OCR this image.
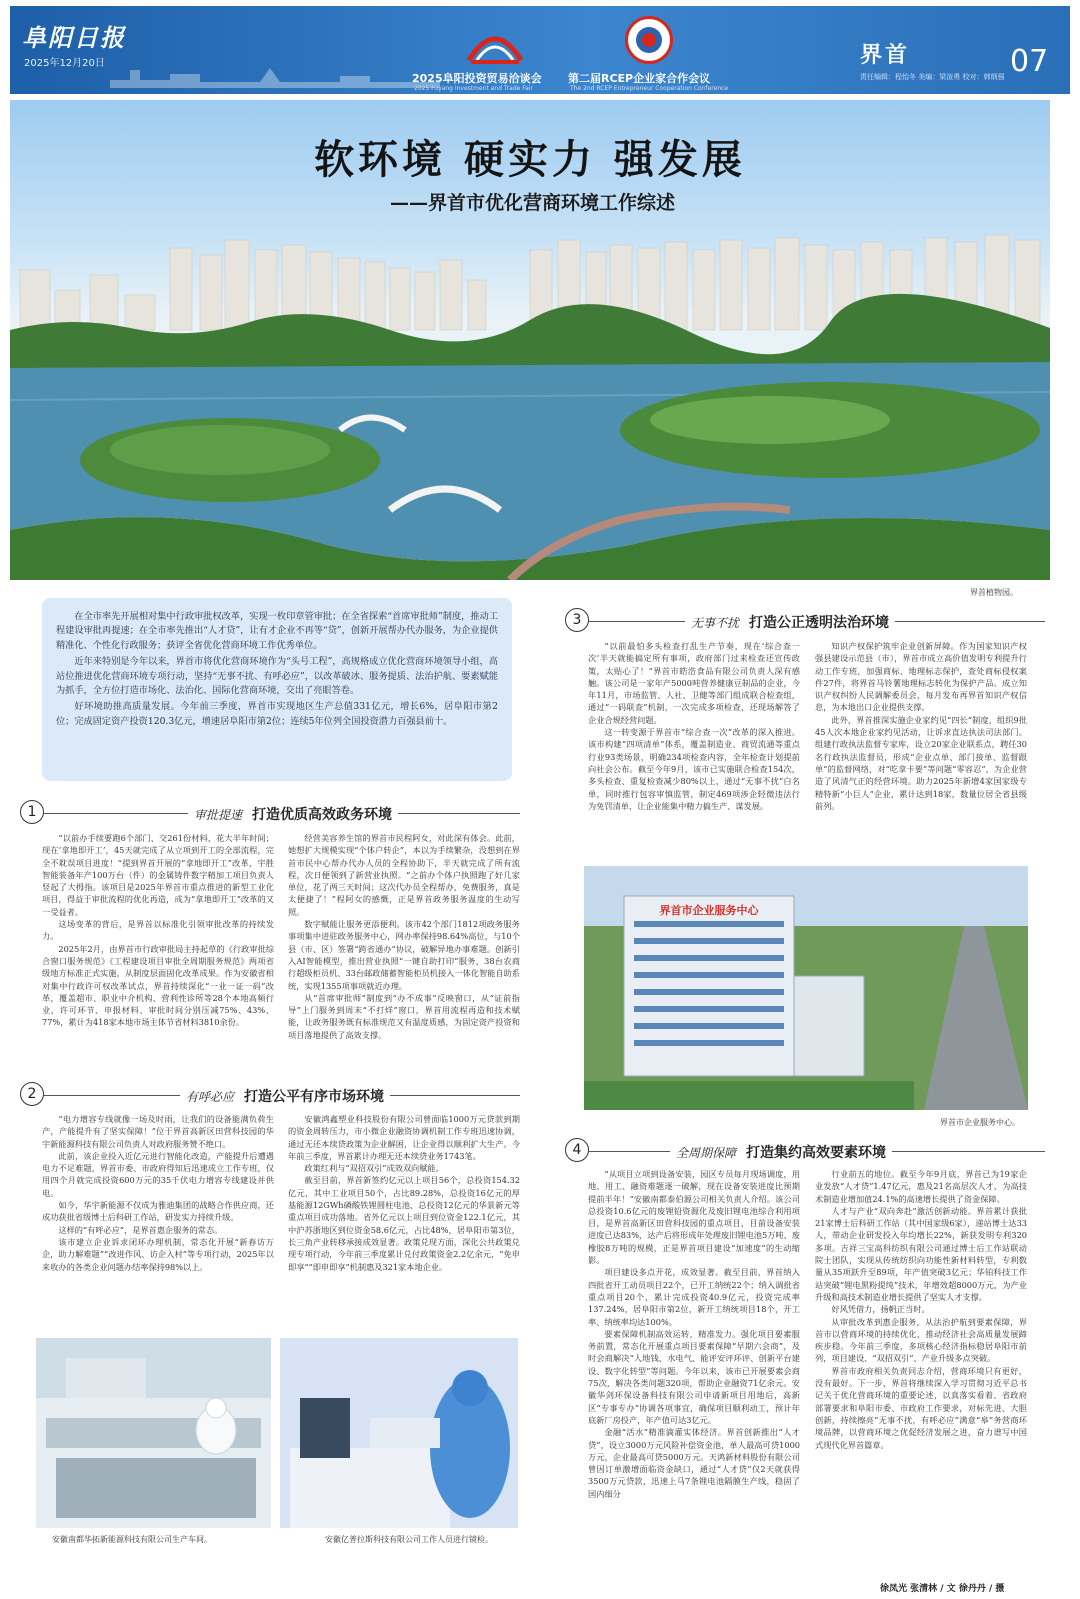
阜阳日报
2025年12月20日
2025阜阳投资贸易洽谈会
2025 Fuyang Investment and Trade Fair
第二届RCEP企业家合作会议
The 2nd RCEP Entrepreneur Cooperation Conference
界首
责任编辑：程怡冬 美编：梁渲勇 校对：韩纲强 07
软环境 硬实力 强发展
——界首市优化营商环境工作综述
界首植物园。

在全市率先开展相对集中行政审批权改革，实现一枚印章管审批；在全省探索“首席审批师”制度，推动工程建设审批再提速；在全市率先推出“人才贷”，让有才企业不再等“贷”，创新开展帮办代办服务，为企业提供精准化、个性化行政服务；获评全省优化营商环境工作优秀单位。

近年来特别是今年以来，界首市将优化营商环境作为“头号工程”，高规格成立优化营商环境领导小组，高站位推进优化营商环境专项行动，坚持“无事不扰、有呼必应”，以改革破冰、服务提质、法治护航、要素赋能为抓手，全方位打造市场化、法治化、国际化营商环境，交出了亮眼答卷。

好环境助推高质量发展。今年前三季度，界首市实现地区生产总值331亿元，增长6%，居阜阳市第2位；完成固定资产投资120.3亿元，增速居阜阳市第2位；连续5年位列全国投资潜力百强县前十。

1	审批提速 打造优质高效政务环境

“以前办手续要跑6个部门、交261份材料，花大半年时间；现在‘拿地即开工’，45天就完成了从立项到开工的全部流程，完全不耽误项目进度！”提到界首开展的“拿地即开工”改革，宇胜智能装备年产100万台（件）的金属铸件数字精加工项目负责人竖起了大拇指。该项目是2025年界首市重点推进的新型工业化项目，得益于审批流程的优化再造，成为“拿地即开工”改革的又一受益者。

这场变革的背后，是界首以标准化引领审批改革的持续发力。

2025年2月，由界首市行政审批局主持起草的《行政审批综合窗口服务规范》《工程建设项目审批全周期服务规范》两项省级地方标准正式实施，从制度层面固化改革成果。作为安徽省相对集中行政许可权改革试点，界首持续深化“一业一证一码”改革，覆盖超市、职业中介机构、营利性诊所等28个本地高频行业，许可环节、申报材料、审批时间分别压减75%、43%、77%，累计为418家本地市场主体节省材料3810余份。

经营美容养生馆的界首市民程阿女，对此深有体会。此前，她想扩大规模实现“个体户转企”，本以为手续繁杂，没想到在界首市民中心帮办代办人员的全程协助下，半天就完成了所有流程，次日便领到了新营业执照。“之前办个体户执照跑了好几家单位，花了两三天时间；这次代办员全程帮办，免费服务，真是太便捷了！”程阿女的感慨，正是界首政务服务温度的生动写照。

数字赋能让服务更添便利。该市42个部门1812项政务服务事项集中进驻政务服务中心，网办率保持98.64%高位，与10个县（市、区）签署“跨省通办”协议，破解异地办事难题。创新引入AI智能模型，推出营业执照“一键自助打印”服务，38台农商行超级柜员机、33台邮政储蓄智能柜员机接入一体化智能自助系统，实现1355项事项就近办理。

从“首席审批师”制度到“办不成事”反映窗口，从“证前指导”上门服务到周末“不打烊”窗口，界首用流程再造和技术赋能，让政务服务既有标准规范又有温度质感，为固定资产投资和项目落地提供了高效支撑。

2	有呼必应 打造公平有序市场环境

“电力增容专线就像一场及时雨，让我们的设备能满负荷生产，产能提升有了坚实保障！”位于界首高新区田营科技园的华宇新能源科技有限公司负责人对政府服务赞不绝口。

此前，该企业投入近亿元进行智能化改造，产能提升后遭遇电力不足难题，界首市委、市政府得知后迅速成立工作专班，仅用四个月就完成投资600万元的35千伏电力增容专线建设并供电。

如今，华宇新能源不仅成为雅迪集团的战略合作供应商，还成功获批省级博士后科研工作站，研发实力持续升级。

这样的“有呼必应”，是界首惠企服务的常态。

该市建立企业诉求闭环办理机制，常态化开展“新春访万企，助力解难题”“改进作风、访企入村”等专项行动，2025年以来收办的各类企业问题办结率保持98%以上。

安徽鸿鑫塑业科技股份有限公司曾面临1000万元贷款到期的资金周转压力，市小微企业融资协调机制工作专班迅速协调，通过无还本续贷政策为企业解困，让企业得以顺利扩大生产。今年前三季度，界首累计办理无还本续贷业务1743笔。

政策红利与“双招双引”成效双向赋能。

截至目前，界首新签约亿元以上项目56个，总投资154.32亿元，其中工业项目50个，占比89.28%，总投资16亿元的厚基能源12GWh磷酸铁锂圆柱电池、总投资12亿元的华景新元等重点项目成功落地。省外亿元以上项目到位资金122.1亿元，其中沪苏浙地区到位资金58.6亿元，占比48%，居阜阳市第3位，长三角产业转移承接成效显著。政策兑现方面，深化公共政策兑现专项行动，今年前三季度累计兑付政策资金2.2亿余元，“免申即享”“即申即享”机制惠及321家本地企业。

安徽南都华拓新能源科技有限公司生产车间。	安徽亿普拉斯科技有限公司工作人员进行镜检。
3	无事不扰 打造公正透明法治环境

“以前最怕多头检查打乱生产节奏，现在‘综合查一次’半天就能搞定所有事项，政府部门过来检查还宣传政策，太贴心了！”界首市皓浩食品有限公司负责人深有感触。该公司是一家年产5000吨营养健康豆制品的企业，今年11月，市场监管、人社、卫健等部门组成联合检查组，通过“一码联查”机制，一次完成多项检查，还现场解答了企业合规经营问题。

这一转变源于界首市“综合查一次”改革的深入推进。该市构建“四项清单”体系，覆盖制造业、商贸流通等重点行业93类场景，明确234项检查内容，全年检查计划提前向社会公布。截至今年9月，该市已实施联合检查154次，多头检查、重复检查减少80%以上，通过“无事不扰”白名单，同时推行包容审慎监管，制定469项涉企轻微违法行为免罚清单，让企业能集中精力搞生产、谋发展。

知识产权保护筑牢企业创新屏障。作为国家知识产权强县建设示范县（市），界首市成立高价值发明专利提升行动工作专班，加强商标、地理标志保护，查处商标侵权案件27件，将界首马铃薯地理标志转化为保护产品。成立知识产权纠纷人民调解委员会，每月发布再界首知识产权信息，为本地出口企业提供支撑。

此外，界首推深实施企业家约见“四长”制度，组织9批45人次本地企业家约见活动，让诉求直达执法司法部门。组建行政执法监督专家库，设立20家企业联系点，聘任30名行政执法监督员，形成“企业点单、部门接单、监督跟单”的监督网络，对“吃拿卡要”等问题“零容忍”，为企业营造了风清气正的经营环境。助力2025年新增4家国家级专精特新“小巨人”企业，累计达到18家，数量位居全省县级前列。

界首市企业服务中心
界首市企业服务中心。
4	全周期保障 打造集约高效要素环境

“从项目立项到设备安装，园区专员每月现场调度，用地、用工、融资难题逐一破解，现在设备安装进度比预期提前半年！”安徽南都泰伯源公司相关负责人介绍。该公司总投资10.6亿元的废锂铅资源化及废旧锂电池综合利用项目，是界首高新区田营科技园的重点项目，目前设备安装进度已达83%，达产后将形成年处理废旧锂电池5万吨、废橡胶8万吨的规模，正是界首项目建设“加速度”的生动缩影。

项目建设多点开花，成效显著。截至目前，界首纳入四批省开工动员项目22个，已开工纳统22个；纳入调批省重点项目20个，累计完成投资40.9亿元，投资完成率137.24%，居阜阳市第2位，新开工纳统项目18个，开工率、纳统率均达100%。

要素保障机制高效运转，精准发力。强化项目要素服务前置，常态化开展重点项目要素保障“早期六会商”，及时会商解决“人地钱、水电气、能评安评环评、创新平台建设、数字化转型”等问题。今年以来，该市已开展要素会商75次，解决各类问题320项，帮助企业融资71亿余元。安徽华剑环保设备科技有限公司申请新项目用地后，高新区“专事专办”协调各项事宜，确保项目顺利动工，预计年底新厂房投产，年产值可达3亿元。

金融“活水”精准滴灌实体经济。界首创新推出“人才贷”，设立3000万元风险补偿资金池，单人最高可贷1000万元，企业最高可贷5000万元。天鸿新材料股份有限公司曾因订单激增面临资金缺口，通过“人才贷”仅2天就获得3500万元贷款，迅速上马7条锂电池隔膜生产线，稳固了国内细分

行业前五的地位。截至今年9月底，界首已为19家企业发放“人才贷”1.47亿元，惠及21名高层次人才，为高技术制造业增加值24.1%的高速增长提供了资金保障。

人才与产业“双向奔赴”激活创新动能。界首累计获批21家博士后科研工作站（其中国家级6家），递站博士达33人，带动企业研发投入年均增长22%，新获发明专利320多项。吉祥三宝高科纺织有限公司通过博士后工作站联动院士团队，实现从传统纺织向功能性新材料转型，专利数量从35项跃升至89项，年产值突破3亿元；华铂科技工作站突破“锂电黑粉提纯”技术，年增效超8000万元，为产业升级和高技术制造业增长提供了坚实人才支撑。

好风凭借力，扬帆正当时。

从审批改革到惠企服务，从法治护航到要素保障，界首市以营商环境的持续优化，推动经济社会高质量发展蹄疾步稳。今年前三季度，多项核心经济指标稳居阜阳市前列，项目建设、“双招双引”、产业升级多点突破。

界首市政府相关负责同志介绍，营商环境只有更好，没有最好。下一步，界首将继续深入学习贯彻习近平总书记关于优化营商环境的重要论述，以真落实看着、省政府部署要求和阜阳市委、市政府工作要求，对标先进、大胆创新，持续擦亮“无事不扰，有呼必应”满意“皋”务营商环境品牌，以营商环境之优促经济发展之进，奋力谱写中国式现代化界首篇章。

徐凤光 张清林 / 文 徐丹丹 / 摄
